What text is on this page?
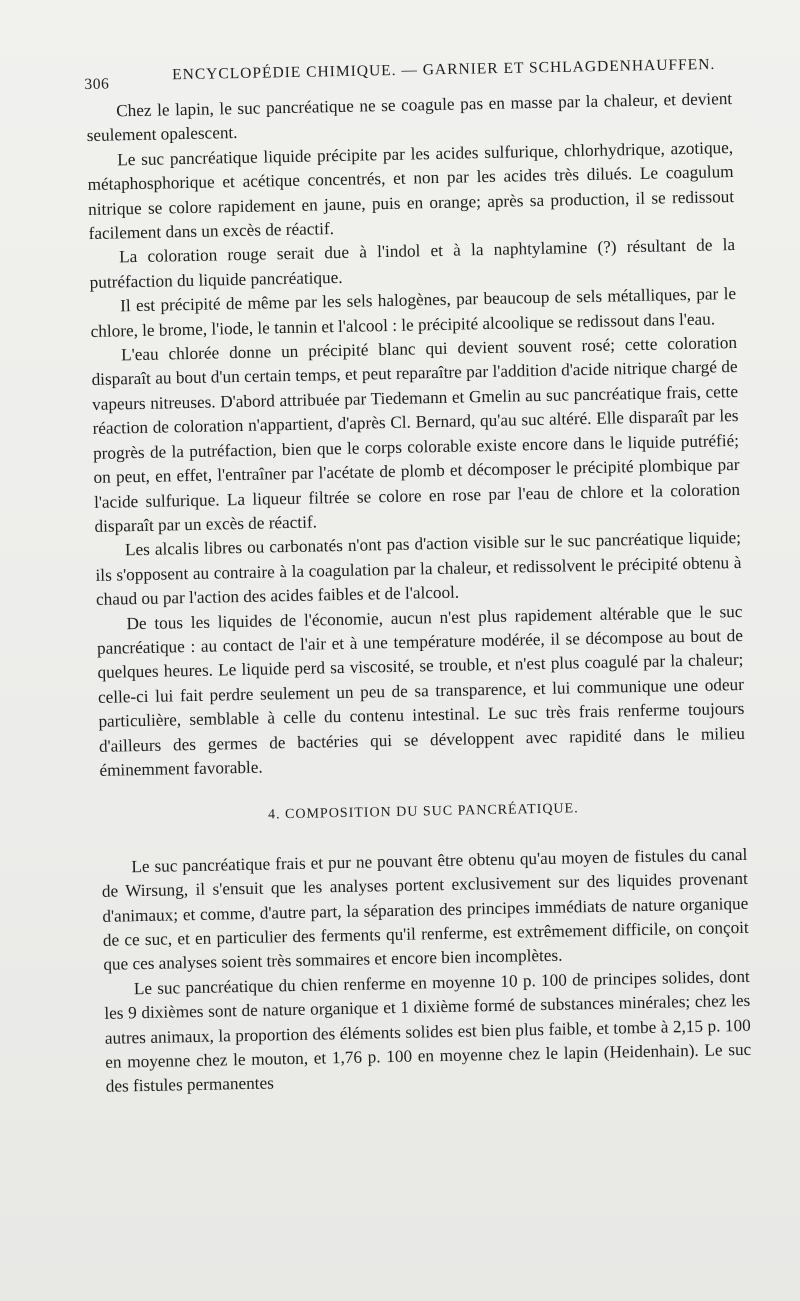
306
ENCYCLOPÉDIE CHIMIQUE. — GARNIER ET SCHLAGDENHAUFFEN.

Chez le lapin, le suc pancréatique ne se coagule pas en masse par la chaleur, et devient seulement opalescent.

Le suc pancréatique liquide précipite par les acides sulfurique, chlorhydrique, azotique, métaphosphorique et acétique concentrés, et non par les acides très dilués. Le coagulum nitrique se colore rapidement en jaune, puis en orange; après sa production, il se redissout facilement dans un excès de réactif.

La coloration rouge serait due à l'indol et à la naphtylamine (?) résultant de la putréfaction du liquide pancréatique.

Il est précipité de même par les sels halogènes, par beaucoup de sels métalliques, par le chlore, le brome, l'iode, le tannin et l'alcool : le précipité alcoolique se redissout dans l'eau.

L'eau chlorée donne un précipité blanc qui devient souvent rosé; cette coloration disparaît au bout d'un certain temps, et peut reparaître par l'addition d'acide nitrique chargé de vapeurs nitreuses. D'abord attribuée par Tiedemann et Gmelin au suc pancréatique frais, cette réaction de coloration n'appartient, d'après Cl. Bernard, qu'au suc altéré. Elle disparaît par les progrès de la putréfaction, bien que le corps colorable existe encore dans le liquide putréfié; on peut, en effet, l'entraîner par l'acétate de plomb et décomposer le précipité plombique par l'acide sulfurique. La liqueur filtrée se colore en rose par l'eau de chlore et la coloration disparaît par un excès de réactif.

Les alcalis libres ou carbonatés n'ont pas d'action visible sur le suc pancréatique liquide; ils s'opposent au contraire à la coagulation par la chaleur, et redissolvent le précipité obtenu à chaud ou par l'action des acides faibles et de l'alcool.

De tous les liquides de l'économie, aucun n'est plus rapidement altérable que le suc pancréatique : au contact de l'air et à une température modérée, il se décompose au bout de quelques heures. Le liquide perd sa viscosité, se trouble, et n'est plus coagulé par la chaleur; celle-ci lui fait perdre seulement un peu de sa transparence, et lui communique une odeur particulière, semblable à celle du contenu intestinal. Le suc très frais renferme toujours d'ailleurs des germes de bactéries qui se développent avec rapidité dans le milieu éminemment favorable.

4. COMPOSITION DU SUC PANCRÉATIQUE.

Le suc pancréatique frais et pur ne pouvant être obtenu qu'au moyen de fistules du canal de Wirsung, il s'ensuit que les analyses portent exclusivement sur des liquides provenant d'animaux; et comme, d'autre part, la séparation des principes immédiats de nature organique de ce suc, et en particulier des ferments qu'il renferme, est extrêmement difficile, on conçoit que ces analyses soient très sommaires et encore bien incomplètes.

Le suc pancréatique du chien renferme en moyenne 10 p. 100 de principes solides, dont les 9 dixièmes sont de nature organique et 1 dixième formé de substances minérales; chez les autres animaux, la proportion des éléments solides est bien plus faible, et tombe à 2,15 p. 100 en moyenne chez le mouton, et 1,76 p. 100 en moyenne chez le lapin (Heidenhain). Le suc des fistules permanentes
